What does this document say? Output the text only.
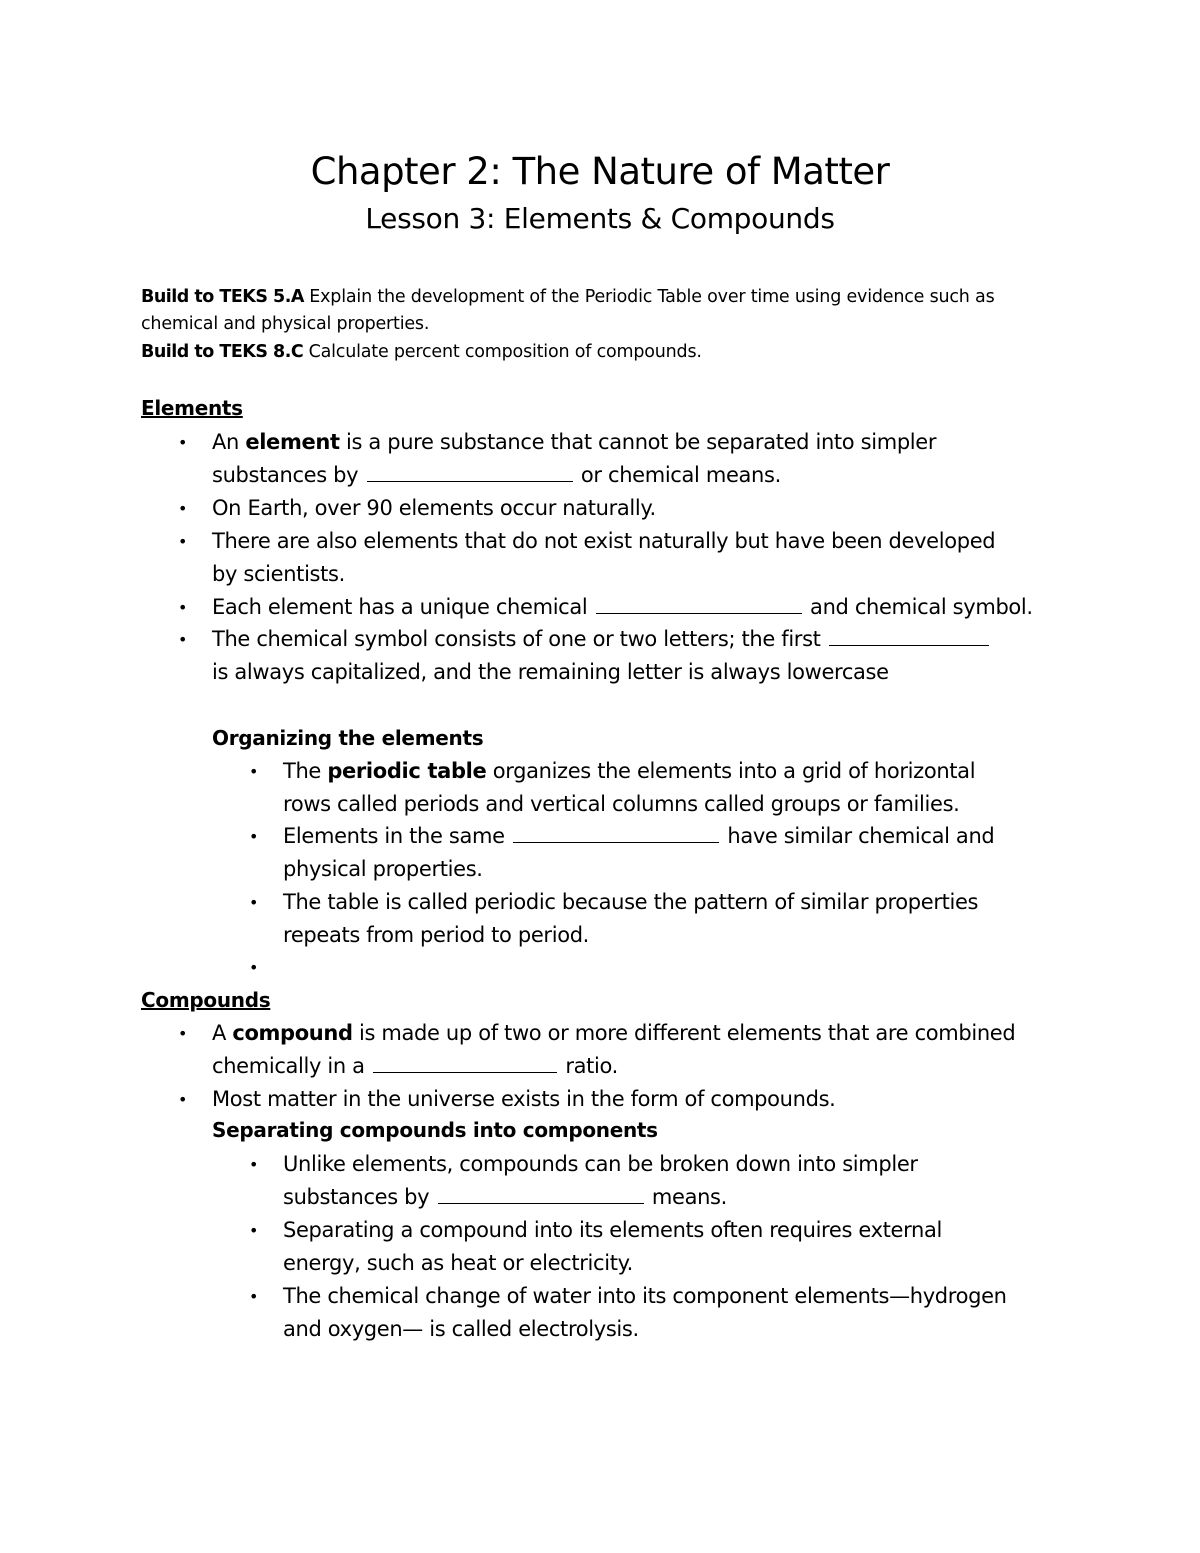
Chapter 2: The Nature of Matter
Lesson 3: Elements & Compounds
Build to TEKS 5.A Explain the development of the Periodic Table over time using evidence such as chemical and physical properties.
Build to TEKS 8.C Calculate percent composition of compounds.
Elements
• An element is a pure substance that cannot be separated into simpler
substances by	or chemical means.
• On Earth, over 90 elements occur naturally.
• There are also elements that do not exist naturally but have been developed
by scientists.
• Each element has a unique chemical	and chemical symbol.
• The chemical symbol consists of one or two letters; the first
is always capitalized, and the remaining letter is always lowercase
Organizing the elements
• The periodic table organizes the elements into a grid of horizontal
rows called periods and vertical columns called groups or families.
• Elements in the same	have similar chemical and
physical properties.
• The table is called periodic because the pattern of similar properties
repeats from period to period.
•
Compounds
• A compound is made up of two or more different elements that are combined
chemically in a	ratio.
• Most matter in the universe exists in the form of compounds.
Separating compounds into components
• Unlike elements, compounds can be broken down into simpler
substances by	means.
• Separating a compound into its elements often requires external
energy, such as heat or electricity.
• The chemical change of water into its component elements—hydrogen
and oxygen— is called electrolysis.
